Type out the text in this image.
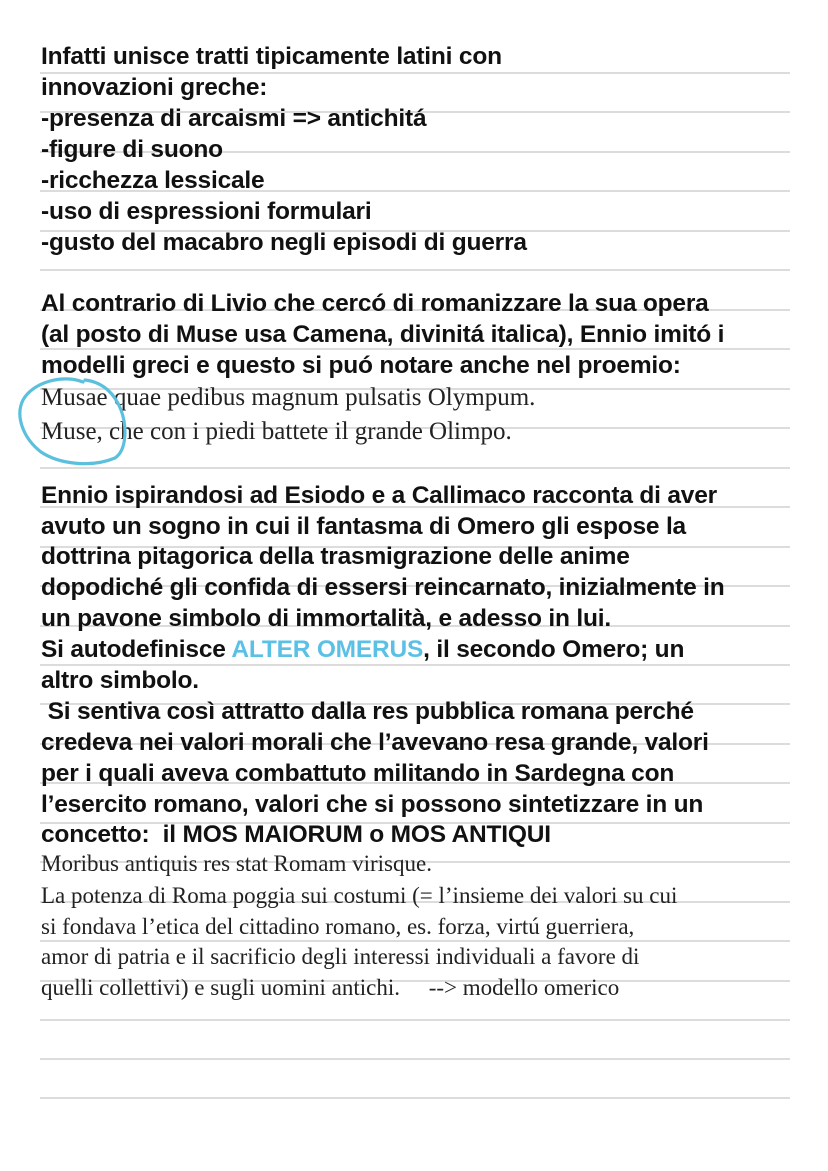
Infatti unisce tratti tipicamente latini con
innovazioni greche:
-presenza di arcaismi => antichitá
-figure di suono
-ricchezza lessicale
-uso di espressioni formulari
-gusto del macabro negli episodi di guerra
Al contrario di Livio che cercó di romanizzare la sua opera
(al posto di Muse usa Camena, divinitá italica), Ennio imitó i
modelli greci e questo si puó notare anche nel proemio:
Musae quae pedibus magnum pulsatis Olympum.
Muse, che con i piedi battete il grande Olimpo.
Ennio ispirandosi ad Esiodo e a Callimaco racconta di aver
avuto un sogno in cui il fantasma di Omero gli espose la
dottrina pitagorica della trasmigrazione delle anime
dopodiché gli confida di essersi reincarnato, inizialmente in
un pavone simbolo di immortalità, e adesso in lui.
Si autodefinisce ALTER OMERUS, il secondo Omero; un
altro simbolo.
Si sentiva così attratto dalla res pubblica romana perché
credeva nei valori morali che l’avevano resa grande, valori
per i quali aveva combattuto militando in Sardegna con
l’esercito romano, valori che si possono sintetizzare in un
concetto:  il MOS MAIORUM o MOS ANTIQUI
Moribus antiquis res stat Romam virisque.
La potenza di Roma poggia sui costumi (= l’insieme dei valori su cui
si fondava l’etica del cittadino romano, es. forza, virtú guerriera,
amor di patria e il sacrificio degli interessi individuali a favore di
quelli collettivi) e sugli uomini antichi.     --> modello omerico
